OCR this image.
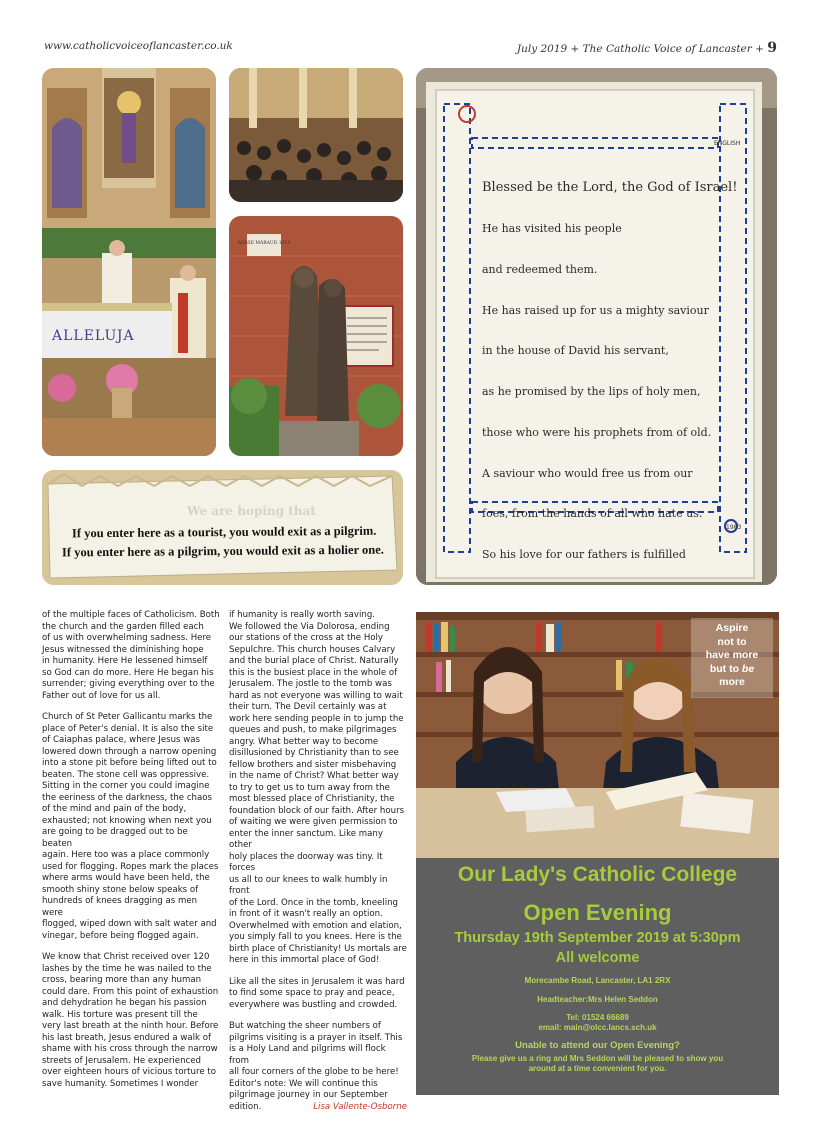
www.catholicvoiceoflancaster.co.uk	July 2019 + The Catholic Voice of Lancaster + 9
ALLELUJA
ANNIE MARAUD 1914
We are hoping that
If you enter here as a tourist, you would exit as a pilgrim.
If you enter here as a pilgrim, you would exit as a holier one.
ENGLISH

Blessed be the Lord, the God of Israel!

He has visited his people

and redeemed them.

He has raised up for us a mighty saviour

in the house of David his servant,

as he promised by the lips of holy men,

those who were his prophets from of old.

A saviour who would free us from our

foes, from the hands of all who hate us.

So his love for our fathers is fulfilled

1983

of the multiple faces of Catholicism. Both
the church and the garden filled each
of us with overwhelming sadness. Here
Jesus witnessed the diminishing hope
in humanity. Here He lessened himself
so God can do more. Here He began his
surrender; giving everything over to the
Father out of love for us all.

Church of St Peter Gallicantu marks the
place of Peter's denial. It is also the site
of Caiaphas palace, where Jesus was
lowered down through a narrow opening
into a stone pit before being lifted out to
beaten. The stone cell was oppressive.
Sitting in the corner you could imagine
the eeriness of the darkness, the chaos
of the mind and pain of the body,
exhausted; not knowing when next you
are going to be dragged out to be beaten
again. Here too was a place commonly
used for flogging. Ropes mark the places
where arms would have been held, the
smooth shiny stone below speaks of
hundreds of knees dragging as men were
flogged, wiped down with salt water and
vinegar, before being flogged again.

We know that Christ received over 120
lashes by the time he was nailed to the
cross, bearing more than any human
could dare. From this point of exhaustion
and dehydration he began his passion
walk. His torture was present till the
very last breath at the ninth hour. Before
his last breath, Jesus endured a walk of
shame with his cross through the narrow
streets of Jerusalem. He experienced
over eighteen hours of vicious torture to
save humanity. Sometimes I wonder

if humanity is really worth saving.
We followed the Via Dolorosa, ending
our stations of the cross at the Holy
Sepulchre. This church houses Calvary
and the burial place of Christ. Naturally
this is the busiest place in the whole of
Jerusalem. The jostle to the tomb was
hard as not everyone was willing to wait
their turn. The Devil certainly was at
work here sending people in to jump the
queues and push, to make pilgrimages
angry. What better way to become
disillusioned by Christianity than to see
fellow brothers and sister misbehaving
in the name of Christ? What better way
to try to get us to turn away from the
most blessed place of Christianity, the
foundation block of our faith. After hours
of waiting we were given permission to
enter the inner sanctum. Like many other
holy places the doorway was tiny. It forces
us all to our knees to walk humbly in front
of the Lord. Once in the tomb, kneeling
in front of it wasn't really an option.
Overwhelmed with emotion and elation,
you simply fall to you knees. Here is the
birth place of Christianity! Us mortals are
here in this immortal place of God!

Like all the sites in Jerusalem it was hard
to find some space to pray and peace,
everywhere was bustling and crowded.

But watching the sheer numbers of
pilgrims visiting is a prayer in itself. This
is a Holy Land and pilgrims will flock from
all four corners of the globe to be here!
Editor's note: We will continue this
pilgrimage journey in our September
edition.	Lisa Vallente-Osborne
Aspire
not to
have more
but to be
more
Our Lady's Catholic College
Open Evening
Thursday 19th September 2019 at 5:30pm
All welcome
Morecambe Road, Lancaster, LA1 2RX
Headteacher:Mrs Helen Seddon
Tel: 01524 66689
email: main@olcc.lancs.sch.uk
Unable to attend our Open Evening?
Please give us a ring and Mrs Seddon will be pleased to show you
around at a time convenient for you.
